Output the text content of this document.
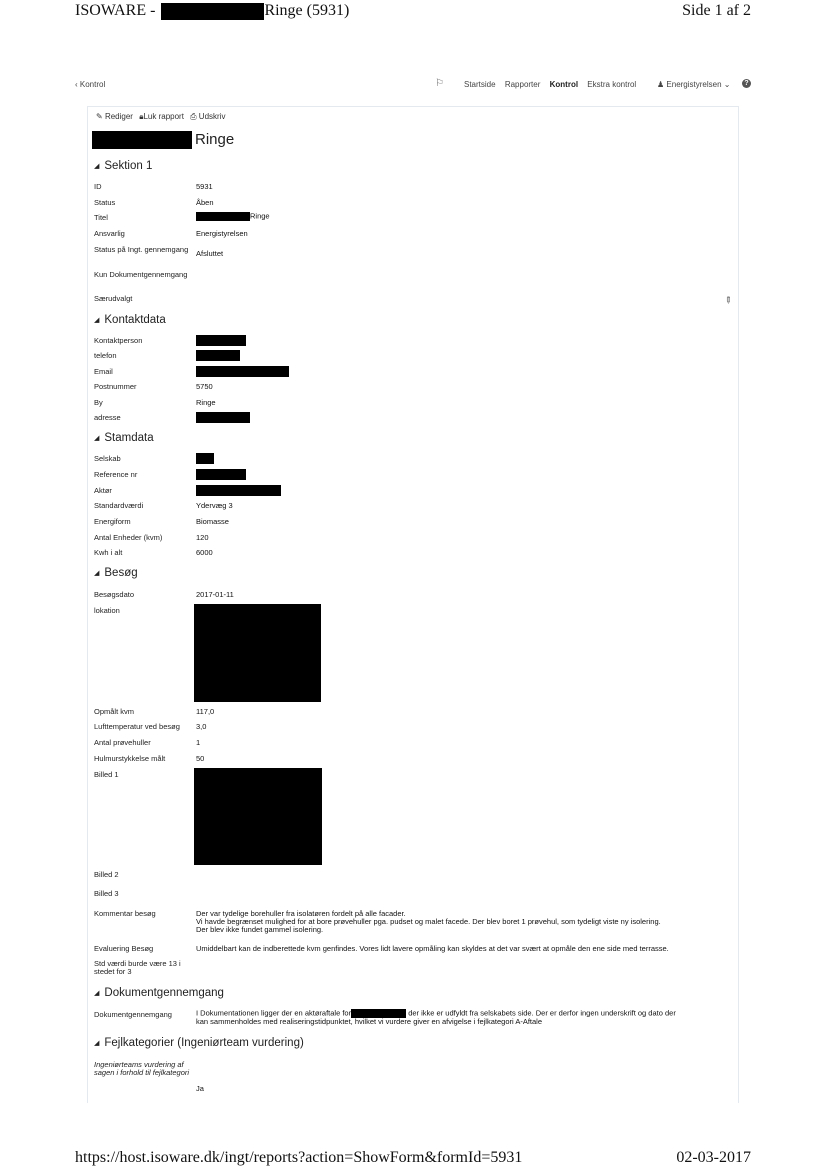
ISOWARE -	Ringe (5931)	Side 1 af 2
‹ Kontrol	⚐	Startside Rapporter Kontrol Ekstra kontrol	♟ Energistyrelsen ⌄	?
✎ Rediger 🔒︎Luk rapport ⎙ Udskriv
Ringe
◢ Sektion 1
ID	5931
Status	Åben
Titel	Ringe
Ansvarlig	Energistyrelsen
Status på Ingt. gennemgang	Afsluttet
Kun Dokumentgennemgang
Særudvalgt	✎
◢ Kontaktdata
Kontaktperson
telefon
Email
Postnummer	5750
By	Ringe
adresse
◢ Stamdata
Selskab
Reference nr
Aktør
Standardværdi	Ydervæg 3
Energiform	Biomasse
Antal Enheder (kvm)	120
Kwh i alt	6000
◢ Besøg
Besøgsdato	2017-01-11
lokation
Opmålt kvm	117,0
Lufttemperatur ved besøg	3,0
Antal prøvehuller	1
Hulmurstykkelse målt	50
Billed 1
Billed 2
Billed 3
Kommentar besøg	Der var tydelige borehuller fra isolatøren fordelt på alle facader.
Vi havde begrænset mulighed for at bore prøvehuller pga. pudset og malet facede. Der blev boret 1 prøvehul, som tydeligt viste ny isolering.
Der blev ikke fundet gammel isolering.
Evaluering Besøg	Umiddelbart kan de indberettede kvm genfindes. Vores lidt lavere opmåling kan skyldes at det var svært at opmåle den ene side med terrasse.
Std værdi burde være 13 i stedet for 3
◢ Dokumentgennemgang
Dokumentgennemgang	I Dokumentationen ligger der en aktøraftale for	der ikke er udfyldt fra selskabets side. Der er derfor ingen underskrift og dato der
kan sammenholdes med realiseringstidpunktet, hvilket vi vurdere giver en afvigelse i fejlkategori A-Aftale
◢ Fejlkategorier (Ingeniørteam vurdering)
Ingeniørteams vurdering af sagen i forhold til fejlkategori
Ja
https://host.isoware.dk/ingt/reports?action=ShowForm&formId=5931	02-03-2017
